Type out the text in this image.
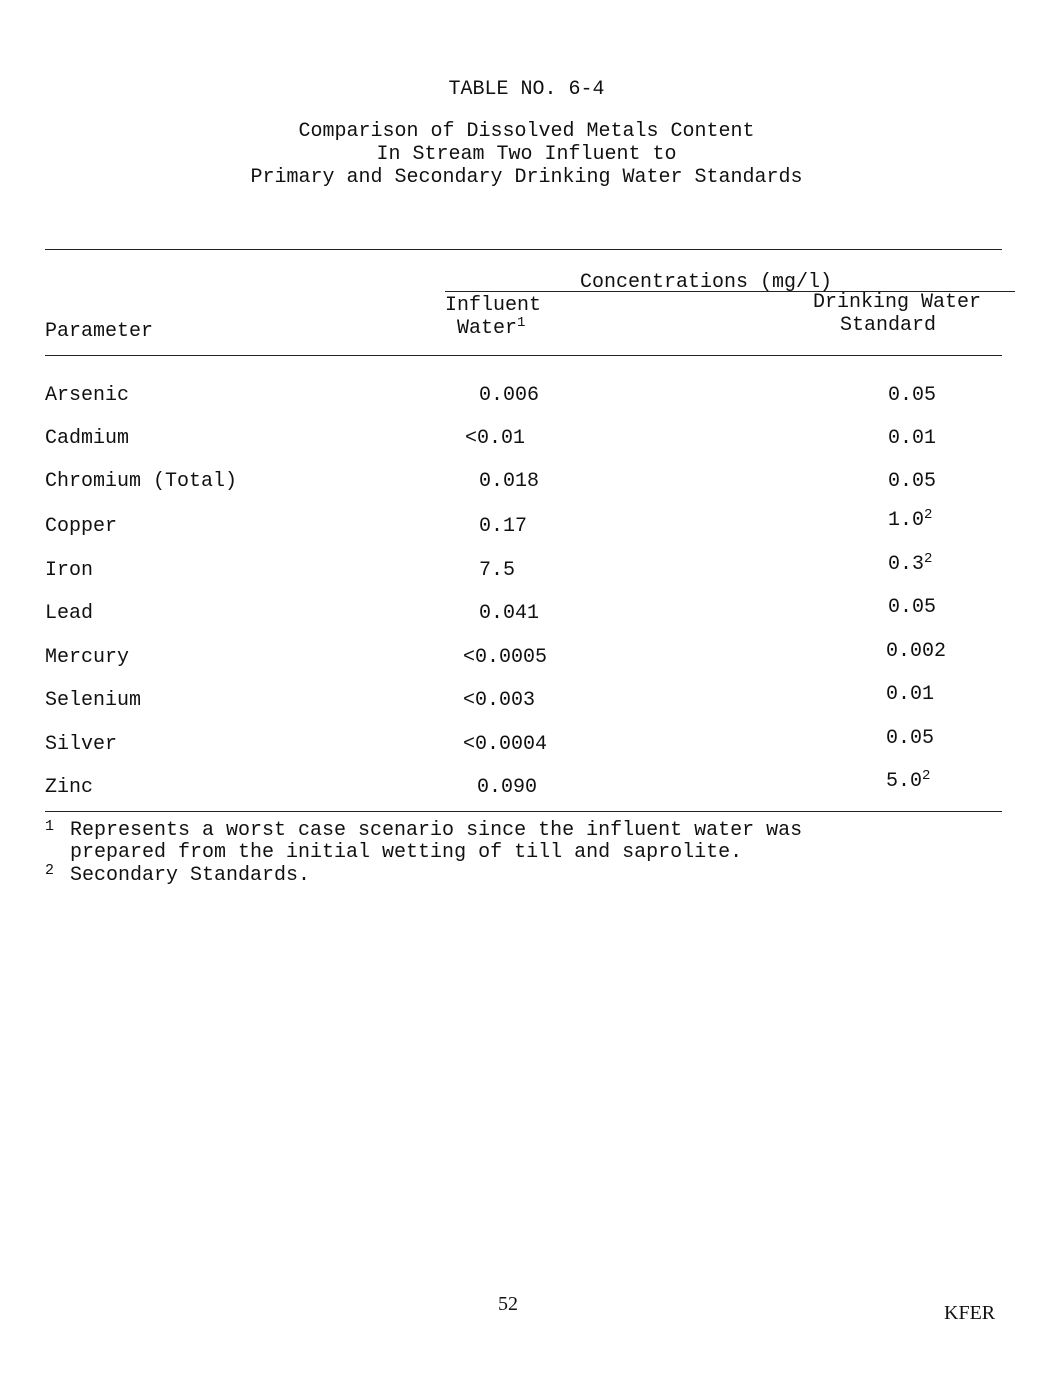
TABLE NO. 6-4
Comparison of Dissolved Metals Content
In Stream Two Influent to
Primary and Secondary Drinking Water Standards
Concentrations (mg/l)
Influent
Water$^1$
Drinking Water
Standard
Parameter
Arsenic	0.006	0.05
Cadmium	<0.01	0.01
Chromium (Total)	0.018	0.05
Copper	0.17	$1.0^2$
Iron	7.5	$0.3^2$
Lead	0.041	0.05
Mercury	<0.0005	0.002
Selenium	<0.003	0.01
Silver	<0.0004	0.05
Zinc	0.090	$5.0^2$
1 Represents a worst case scenario since the influent water was
prepared from the initial wetting of till and saprolite.
2 Secondary Standards.
52	KFER
